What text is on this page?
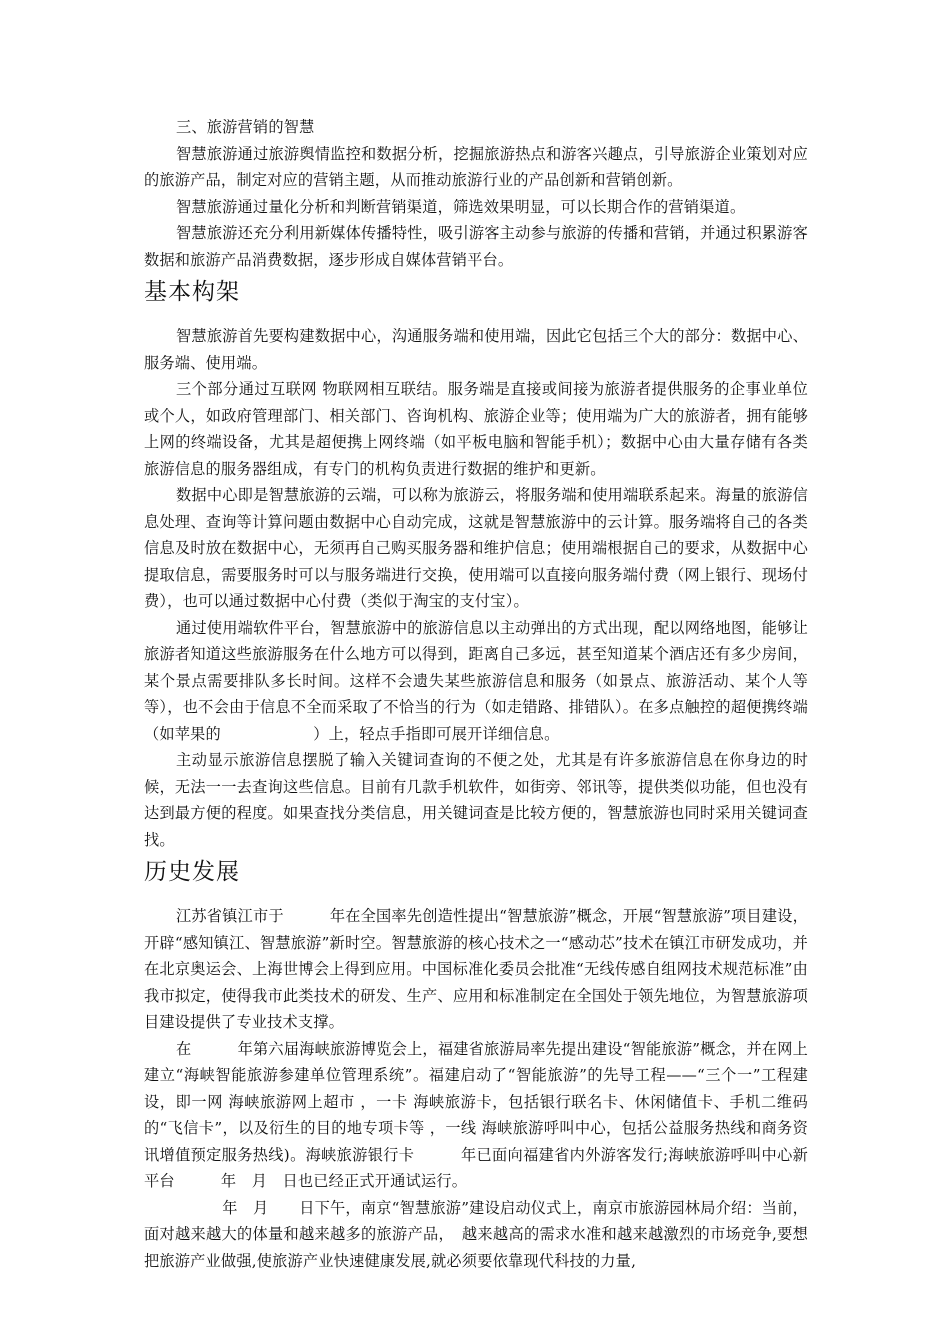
三、旅游营销的智慧

智慧旅游通过旅游舆情监控和数据分析，挖掘旅游热点和游客兴趣点，引导旅游企业策划对应的旅游产品，制定对应的营销主题，从而推动旅游行业的产品创新和营销创新。

智慧旅游通过量化分析和判断营销渠道，筛选效果明显，可以长期合作的营销渠道。

智慧旅游还充分利用新媒体传播特性，吸引游客主动参与旅游的传播和营销，并通过积累游客数据和旅游产品消费数据，逐步形成自媒体营销平台。

基本构架

智慧旅游首先要构建数据中心，沟通服务端和使用端，因此它包括三个大的部分：数据中心、服务端、使用端。

三个部分通过互联网 物联网相互联结。服务端是直接或间接为旅游者提供服务的企事业单位或个人，如政府管理部门、相关部门、咨询机构、旅游企业等；使用端为广大的旅游者，拥有能够上网的终端设备，尤其是超便携上网终端（如平板电脑和智能手机）；数据中心由大量存储有各类旅游信息的服务器组成，有专门的机构负责进行数据的维护和更新。

数据中心即是智慧旅游的云端，可以称为旅游云，将服务端和使用端联系起来。海量的旅游信息处理、查询等计算问题由数据中心自动完成，这就是智慧旅游中的云计算。服务端将自己的各类信息及时放在数据中心，无须再自己购买服务器和维护信息；使用端根据自己的要求，从数据中心提取信息，需要服务时可以与服务端进行交换，使用端可以直接向服务端付费（网上银行、现场付费），也可以通过数据中心付费（类似于淘宝的支付宝）。

通过使用端软件平台，智慧旅游中的旅游信息以主动弹出的方式出现，配以网络地图，能够让旅游者知道这些旅游服务在什么地方可以得到，距离自己多远，甚至知道某个酒店还有多少房间，某个景点需要排队多长时间。这样不会遗失某些旅游信息和服务（如景点、旅游活动、某个人等等），也不会由于信息不全而采取了不恰当的行为（如走错路、排错队）。在多点触控的超便携终端（如苹果的　　　　　　）上，轻点手指即可展开详细信息。

主动显示旅游信息摆脱了输入关键词查询的不便之处，尤其是有许多旅游信息在你身边的时候，无法一一去查询这些信息。目前有几款手机软件，如街旁、邻讯等，提供类似功能，但也没有达到最方便的程度。如果查找分类信息，用关键词查是比较方便的，智慧旅游也同时采用关键词查找。

历史发展

江苏省镇江市于　　　年在全国率先创造性提出“智慧旅游”概念，开展“智慧旅游”项目建设，开辟“感知镇江、智慧旅游”新时空。智慧旅游的核心技术之一“感动芯”技术在镇江市研发成功，并在北京奥运会、上海世博会上得到应用。中国标准化委员会批准“无线传感自组网技术规范标准”由我市拟定，使得我市此类技术的研发、生产、应用和标准制定在全国处于领先地位，为智慧旅游项目建设提供了专业技术支撑。

在　　　年第六届海峡旅游博览会上，福建省旅游局率先提出建设“智能旅游”概念，并在网上建立“海峡智能旅游参建单位管理系统”。福建启动了“智能旅游”的先导工程——“三个一”工程建设，即一网 海峡旅游网上超市 ，一卡 海峡旅游卡，包括银行联名卡、休闲储值卡、手机二维码的“飞信卡”，以及衍生的目的地专项卡等 ，一线 海峡旅游呼叫中心，包括公益服务热线和商务资讯增值预定服务热线)。海峡旅游银行卡　　　年已面向福建省内外游客发行;海峡旅游呼叫中心新平台　　　年　月　日也已经正式开通试运行。

　　　年　月　　日下午，南京“智慧旅游”建设启动仪式上，南京市旅游园林局介绍：当前，面对越来越大的体量和越来越多的旅游产品，　越来越高的需求水准和越来越激烈的市场竞争,要想把旅游产业做强,使旅游产业快速健康发展,就必须要依靠现代科技的力量,
